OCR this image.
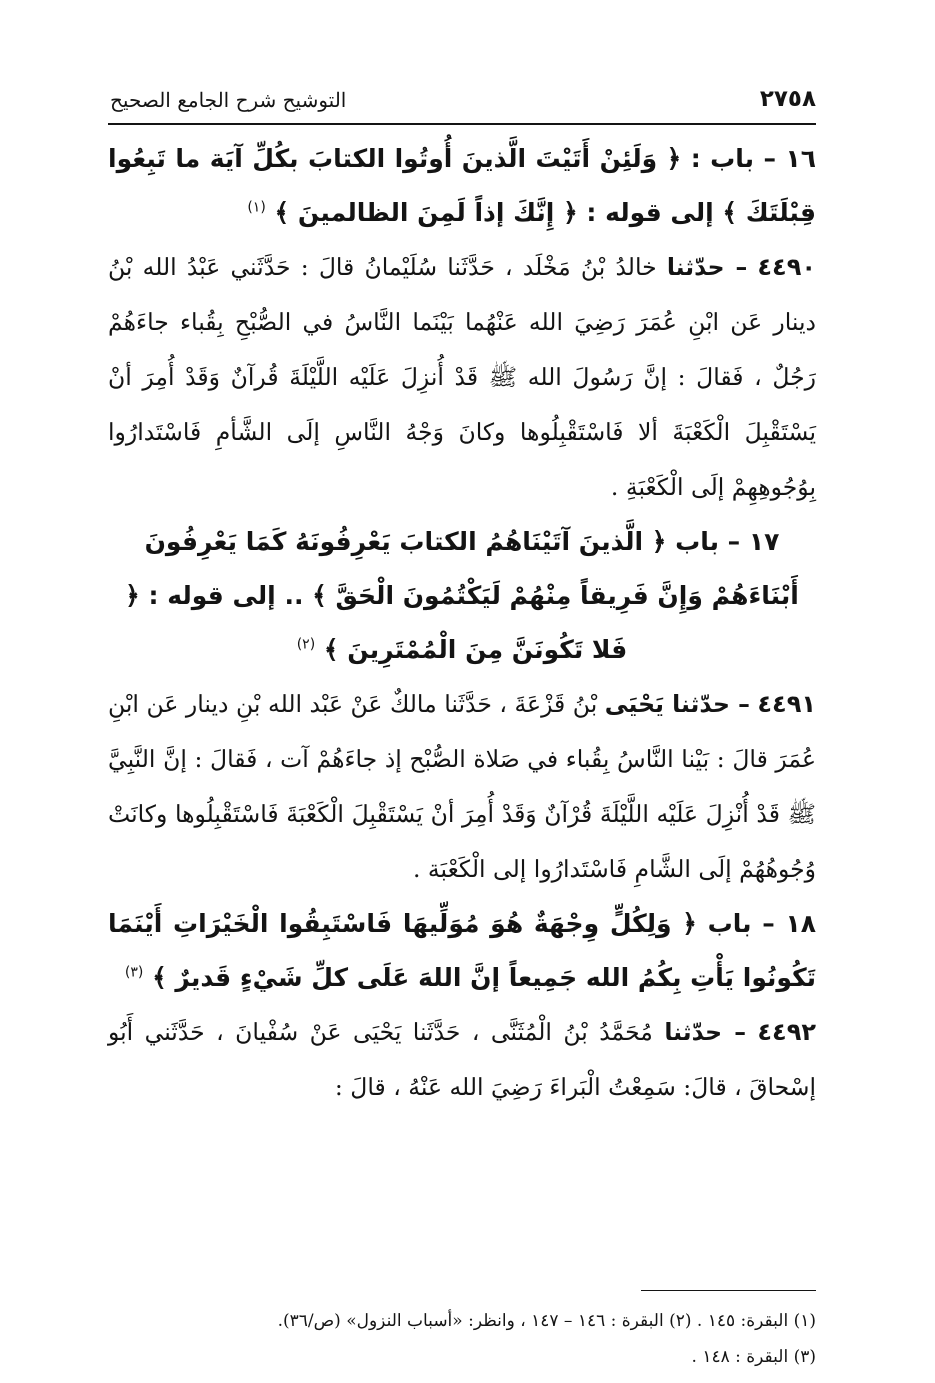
٢٧٥٨
التوشيح شرح الجامع الصحيح
١٦ – باب : ﴿ وَلَئِنْ أَتَيْتَ الَّذينَ أُوتُوا الكتابَ بكُلِّ آيَة ما تَبِعُوا قِبْلَتَكَ ﴾ إلى قوله : ﴿ إِنَّكَ إذاً لَمِنَ الظالمينَ ﴾ $^{(١)}$
٤٤٩٠ – حدّثنا خالدُ بْنُ مَخْلَد ، حَدَّثَنا سُلَيْمانُ قالَ : حَدَّثَني عَبْدُ الله بْنُ دينار عَن ابْنِ عُمَرَ رَضِيَ الله عَنْهُما بَيْنَما النَّاسُ في الصُّبْحِ بِقُباء جاءَهُمْ رَجُلٌ ، فَقالَ : إنَّ رَسُولَ الله ﷺ قَدْ أُنزِلَ عَلَيْه اللَّيْلَةَ قُرآنٌ وَقَدْ أُمِرَ أنْ يَسْتَقْبِلَ الْكَعْبَةَ ألا فَاسْتَقْبِلُوها وكانَ وَجْهُ النَّاسِ إلَى الشَّأمِ فَاسْتَدارُوا بِوُجُوهِهِمْ إلَى الْكَعْبَةِ .
١٧ – باب ﴿ الَّذينَ آتَيْنَاهُمُ الكتابَ يَعْرِفُونَهُ كَمَا يَعْرِفُونَ أَبْنَاءَهُمْ وَإِنَّ فَرِيقاً مِنْهُمْ لَيَكْتُمُونَ الْحَقَّ ﴾ .. إلى قوله : ﴿ فَلا تَكُونَنَّ مِنَ الْمُمْتَرِينَ ﴾ $^{(٢)}$
٤٤٩١ – حدّثنا يَحْيَى بْنُ قَزْعَةَ ، حَدَّثَنا مالكٌ عَنْ عَبْد الله بْنِ دينار عَن ابْنِ عُمَرَ قالَ : بَيْنا النَّاسُ بِقُباء في صَلاة الصُّبْح إذ جاءَهُمْ آت ، فَقالَ : إنَّ النَّبِيَّ ﷺ قَدْ أُنْزِلَ عَلَيْه اللَّيْلَةَ قُرْآنٌ وَقَدْ أُمِرَ أنْ يَسْتَقْبِلَ الْكَعْبَةَ فَاسْتَقْبِلُوها وكانَتْ وُجُوهُهُمْ إلَى الشَّامِ فَاسْتَدارُوا إلى الْكَعْبَة .
١٨ – باب ﴿ وَلِكُلٍّ وِجْهَةٌ هُوَ مُوَلِّيهَا فَاسْتَبِقُوا الْخَيْرَاتِ أَيْنَمَا تَكُونُوا يَأْتِ بِكُمُ الله جَمِيعاً إنَّ اللهَ عَلَى كلِّ شَيْءٍ قَديرٌ ﴾ $^{(٣)}$
٤٤٩٢ – حدّثنا مُحَمَّدُ بْنُ الْمُثَنَّى ، حَدَّثَنا يَحْيَى عَنْ سُفْيانَ ، حَدَّثَني أَبُو إسْحاقَ ، قالَ: سَمِعْتُ الْبَراءَ رَضِيَ الله عَنْهُ ، قالَ :
(١) البقرة: ١٤٥ . (٢) البقرة : ١٤٦ – ١٤٧ ، وانظر: «أسباب النزول» (ص/٣٦).
(٣) البقرة : ١٤٨ .
